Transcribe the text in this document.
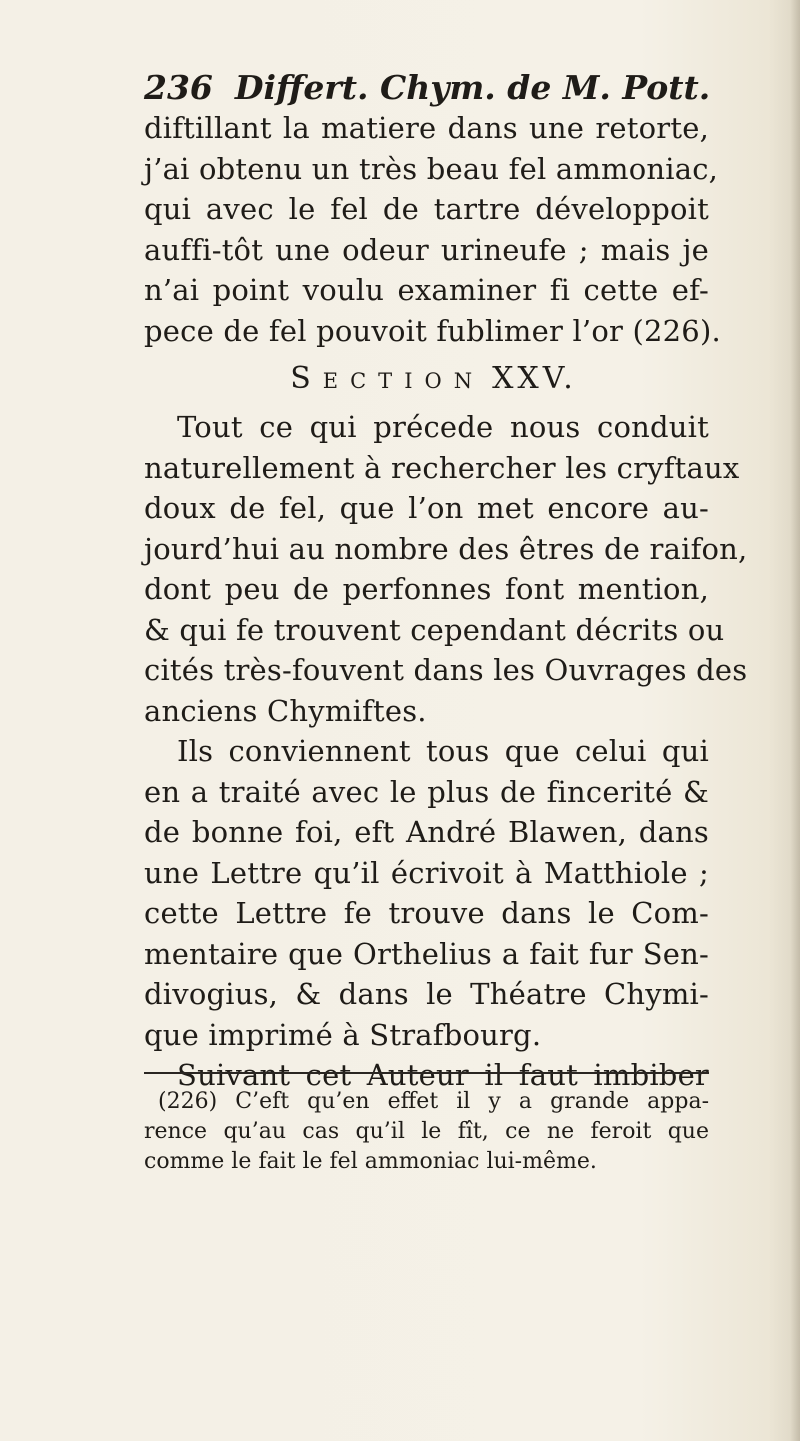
236 Differt. Chym. de M. Pott.
diftillant la matiere dans une retorte,
j’ai obtenu un très beau fel ammoniac,
qui avec le fel de tartre développoit
auffi-tôt une odeur urineufe ; mais je
n’ai point voulu examiner fi cette ef-
pece de fel pouvoit fublimer l’or (226).
Section XXV.
Tout ce qui précede nous conduit
naturellement à rechercher les cryftaux
doux de fel, que l’on met encore au-
jourd’hui au nombre des êtres de raifon,
dont peu de perfonnes font mention,
& qui fe trouvent cependant décrits ou
cités très-fouvent dans les Ouvrages des
anciens Chymiftes.
Ils conviennent tous que celui qui
en a traité avec le plus de fincerité &
de bonne foi, eft André Blawen, dans
une Lettre qu’il écrivoit à Matthiole ;
cette Lettre fe trouve dans le Com-
mentaire que Orthelius a fait fur Sen-
divogius, & dans le Théatre Chymi-
que imprimé à Strafbourg.
Suivant cet Auteur il faut imbiber
(226) C’eft qu’en effet il y a grande appa-
rence qu’au cas qu’il le fît, ce ne feroit que
comme le fait le fel ammoniac lui-même.
